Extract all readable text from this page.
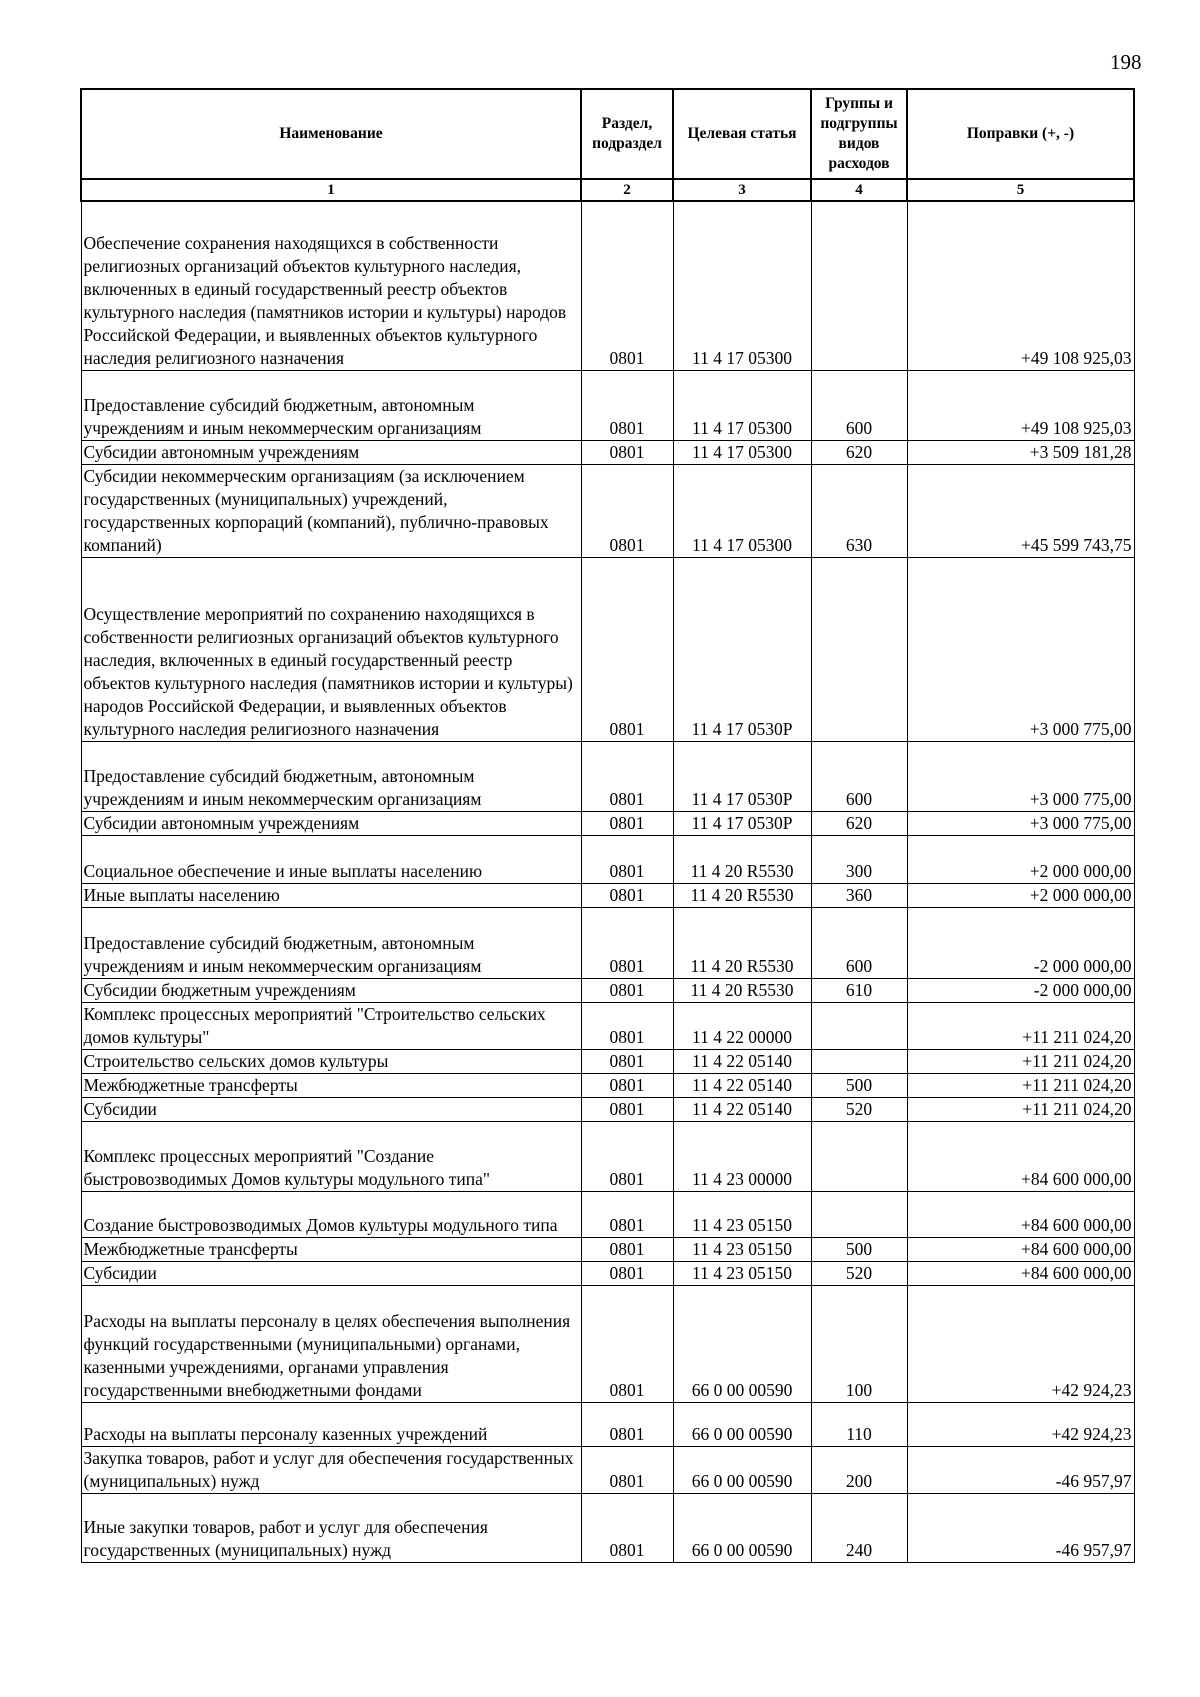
198
Наименование	Раздел, подраздел	Целевая статья	Группы и подгруппы видов расходов	Поправки (+, -)
1	2	3	4	5
Обеспечение сохранения находящихся в собственности религиозных организаций объектов культурного наследия, включенных в единый государственный реестр объектов культурного наследия (памятников истории и культуры) народов Российской Федерации, и выявленных объектов культурного наследия религиозного назначения	0801	11 4 17 05300		+49 108 925,03
Предоставление субсидий бюджетным, автономным учреждениям и иным некоммерческим организациям	0801	11 4 17 05300	600	+49 108 925,03
Субсидии автономным учреждениям	0801	11 4 17 05300	620	+3 509 181,28
Субсидии некоммерческим организациям (за исключением государственных (муниципальных) учреждений, государственных корпораций (компаний), публично-правовых компаний)	0801	11 4 17 05300	630	+45 599 743,75
Осуществление мероприятий по сохранению находящихся в собственности религиозных организаций объектов культурного наследия, включенных в единый государственный реестр объектов культурного наследия (памятников истории и культуры) народов Российской Федерации, и выявленных объектов культурного наследия религиозного назначения	0801	11 4 17 0530P		+3 000 775,00
Предоставление субсидий бюджетным, автономным учреждениям и иным некоммерческим организациям	0801	11 4 17 0530P	600	+3 000 775,00
Субсидии автономным учреждениям	0801	11 4 17 0530P	620	+3 000 775,00
Социальное обеспечение и иные выплаты населению	0801	11 4 20 R5530	300	+2 000 000,00
Иные выплаты населению	0801	11 4 20 R5530	360	+2 000 000,00
Предоставление субсидий бюджетным, автономным учреждениям и иным некоммерческим организациям	0801	11 4 20 R5530	600	-2 000 000,00
Субсидии бюджетным учреждениям	0801	11 4 20 R5530	610	-2 000 000,00
Комплекс процессных мероприятий "Строительство сельских домов культуры"	0801	11 4 22 00000		+11 211 024,20
Строительство сельских домов культуры	0801	11 4 22 05140		+11 211 024,20
Межбюджетные трансферты	0801	11 4 22 05140	500	+11 211 024,20
Субсидии	0801	11 4 22 05140	520	+11 211 024,20
Комплекс процессных мероприятий "Создание быстровозводимых Домов культуры модульного типа"	0801	11 4 23 00000		+84 600 000,00
Создание быстровозводимых Домов культуры модульного типа	0801	11 4 23 05150		+84 600 000,00
Межбюджетные трансферты	0801	11 4 23 05150	500	+84 600 000,00
Субсидии	0801	11 4 23 05150	520	+84 600 000,00
Расходы на выплаты персоналу в целях обеспечения выполнения функций государственными (муниципальными) органами, казенными учреждениями, органами управления государственными внебюджетными фондами	0801	66 0 00 00590	100	+42 924,23
Расходы на выплаты персоналу казенных учреждений	0801	66 0 00 00590	110	+42 924,23
Закупка товаров, работ и услуг для обеспечения государственных (муниципальных) нужд	0801	66 0 00 00590	200	-46 957,97
Иные закупки товаров, работ и услуг для обеспечения государственных (муниципальных) нужд	0801	66 0 00 00590	240	-46 957,97
